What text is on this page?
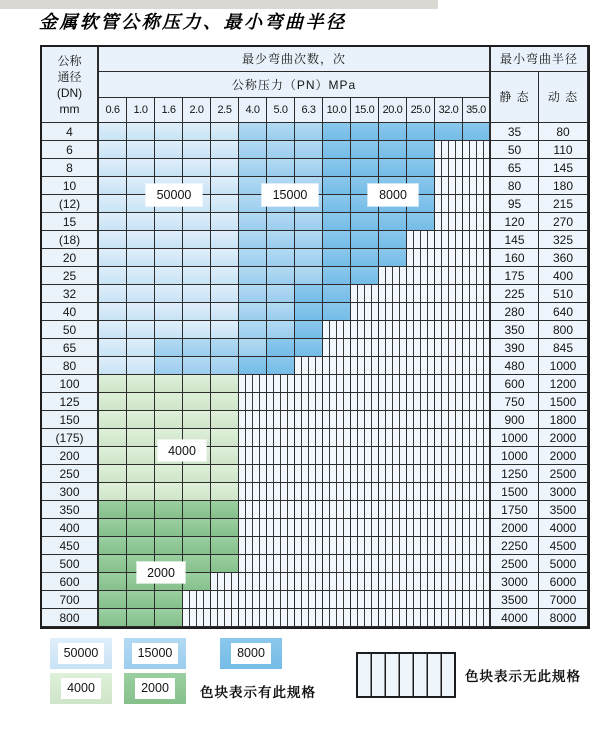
金属软管公称压力、最小弯曲半径
公称
通径
(DN)
mm
最少弯曲次数，次	最小弯曲半径
公称压力（PN）MPa
静 态	动 态
0.6	1.0	1.6	2.0	2.5	4.0	5.0	6.3	10.0 15.0 20.0 25.0 32.0 35.0
4	35	80
6	50	110
8	65	145
10	80	180
(12)	95	215
15	120	270
(18)	145	325
20	160	360
25	175	400
32	225	510
40	280	640
50	350	800
65	390	845
80	480	1000
100	600	1200
125	750	1500
150	900	1800
(175)	1000	2000
200	1000	2000
250	1250	2500
300	1500	3000
350	1750	3500
400	2000	4000
450	2250	4500
500	2500	5000
600	3000	6000
700	3500	7000
800	4000	8000
50000	15000	8000
4000
2000
色块表示有此规格
色块表示无此规格
50000	15000	8000
4000	2000
